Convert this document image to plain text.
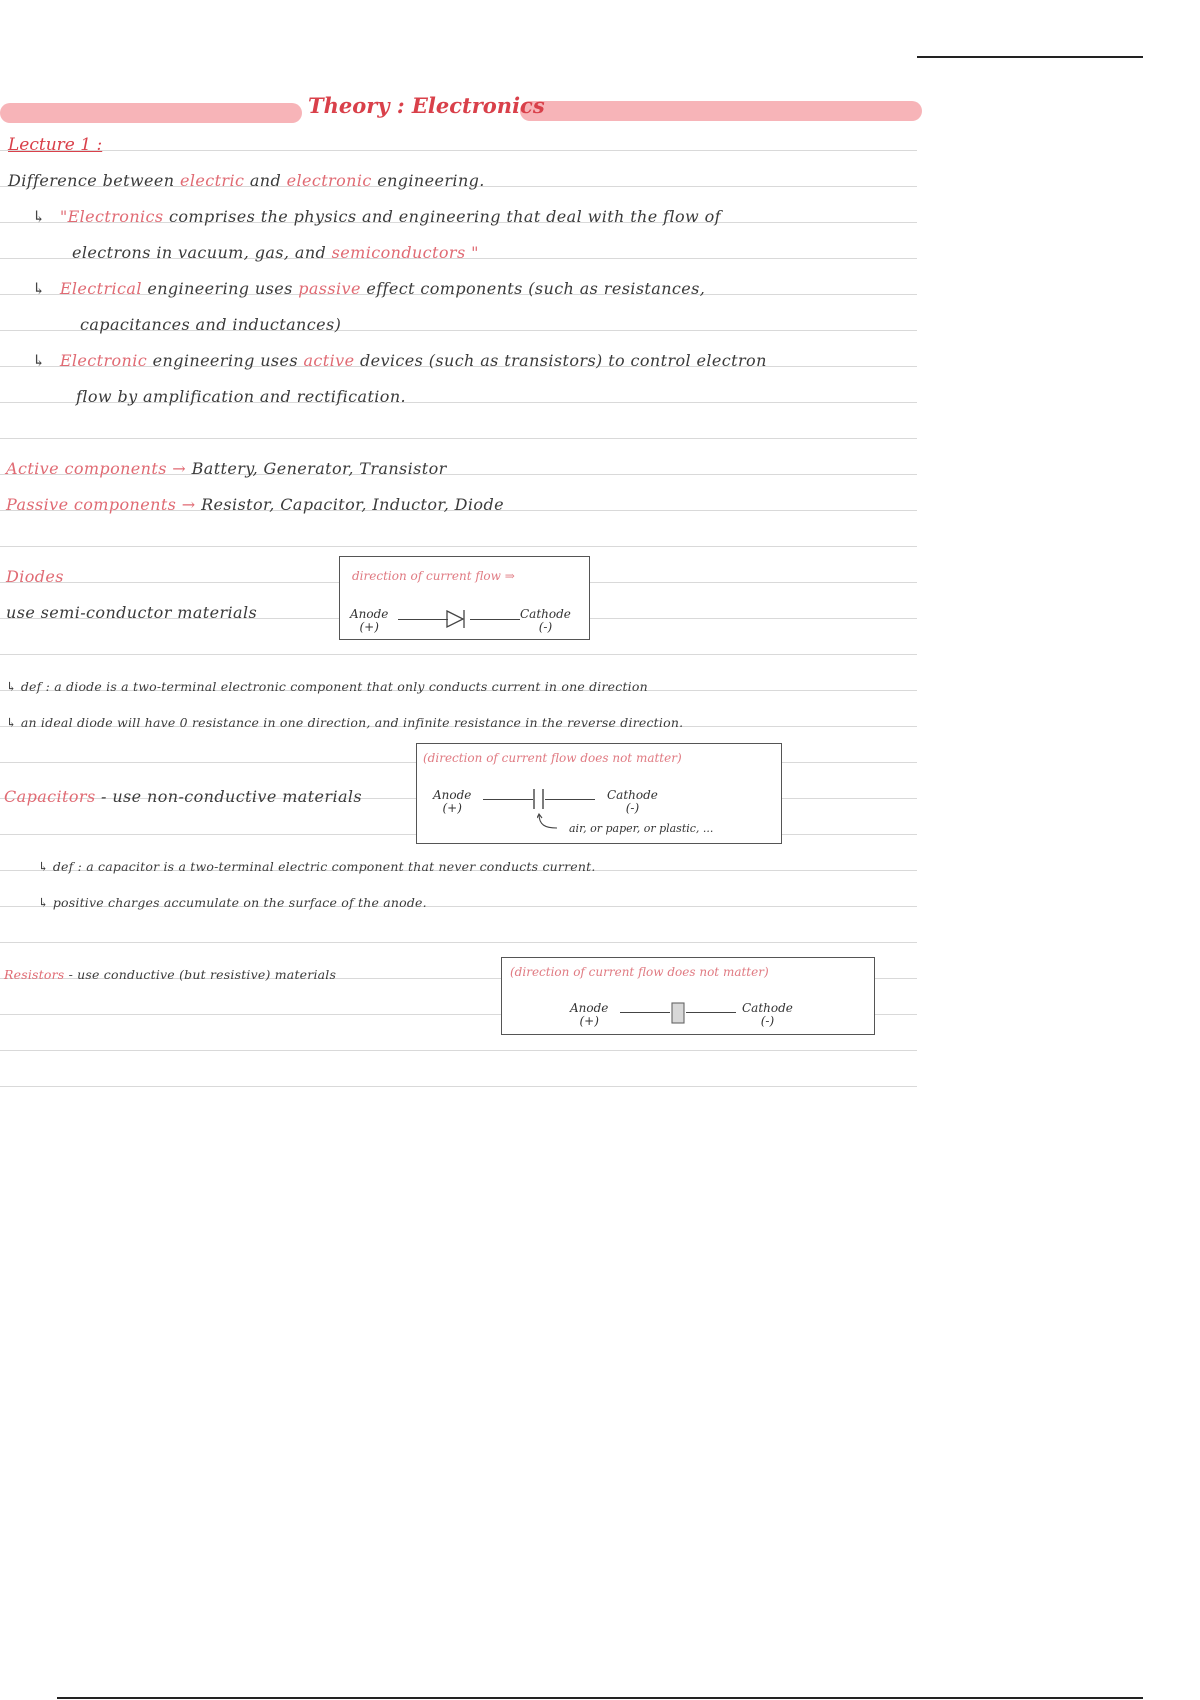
Theory : Electronics
Lecture 1 :
Difference between electric and electronic engineering.
↳ "Electronics comprises the physics and engineering that deal with the flow of
electrons in vacuum, gas, and semiconductors "
↳ Electrical engineering uses passive effect components (such as resistances,
capacitances and inductances)
↳ Electronic engineering uses active devices (such as transistors) to control electron
flow by amplification and rectification.
Active components → Battery, Generator, Transistor
Passive components → Resistor, Capacitor, Inductor, Diode
Diodes
use semi-conductor materials
direction of current flow ⇒
Anode
(+)
Cathode
(-)
↳ def : a diode is a two-terminal electronic component that only conducts current in one direction
↳ an ideal diode will have 0 resistance in one direction, and infinite resistance in the reverse direction.
Capacitors - use non-conductive materials
(direction of current flow does not matter)
Anode
(+)
Cathode
(-)
air, or paper, or plastic, ...
↳ def : a capacitor is a two-terminal electric component that never conducts current.
↳ positive charges accumulate on the surface of the anode.
Resistors - use conductive (but resistive) materials	(direction of current flow does not matter)
Anode
(+)
Cathode
(-)
